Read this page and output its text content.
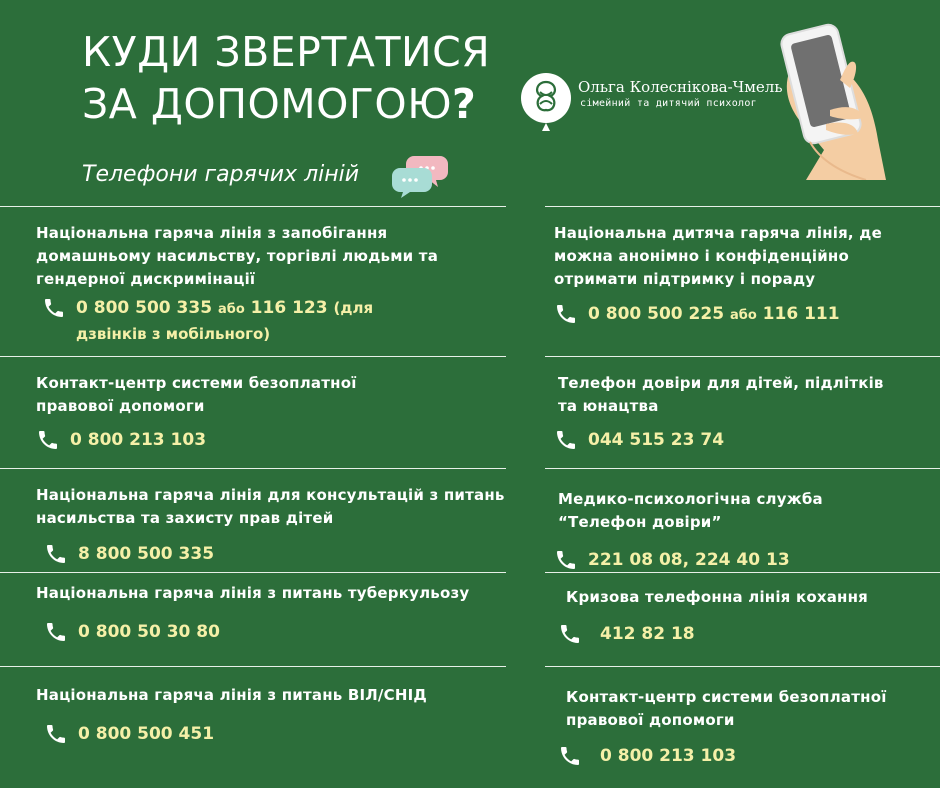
КУДИ ЗВЕРТАТИСЯ
ЗА ДОПОМОГОЮ?
Телефони гарячих ліній
Ольга Колеснікова-Чмель
сімейний та дитячий психолог
Національна гаряча лінія з запобігання домашньому насильству, торгівлі людьми та гендерної дискримінації
0 800 500 335 або 116 123 (для дзвінків з мобільного)
Контакт-центр системи безоплатної правової допомоги
0 800 213 103
Національна гаряча лінія для консультацій з питань насильства та захисту прав дітей
8 800 500 335
Національна гаряча лінія з питань туберкульозу
0 800 50 30 80
Національна гаряча лінія з питань ВІЛ/СНІД
0 800 500 451
Національна дитяча гаряча лінія, де можна анонімно і конфіденційно отримати підтримку і пораду
0 800 500 225 або 116 111
Телефон довіри для дітей, підлітків та юнацтва
044 515 23 74
Медико-психологічна служба “Телефон довіри”
221 08 08, 224 40 13
Кризова телефонна лінія кохання
412 82 18
Контакт-центр системи безоплатної правової допомоги
0 800 213 103
